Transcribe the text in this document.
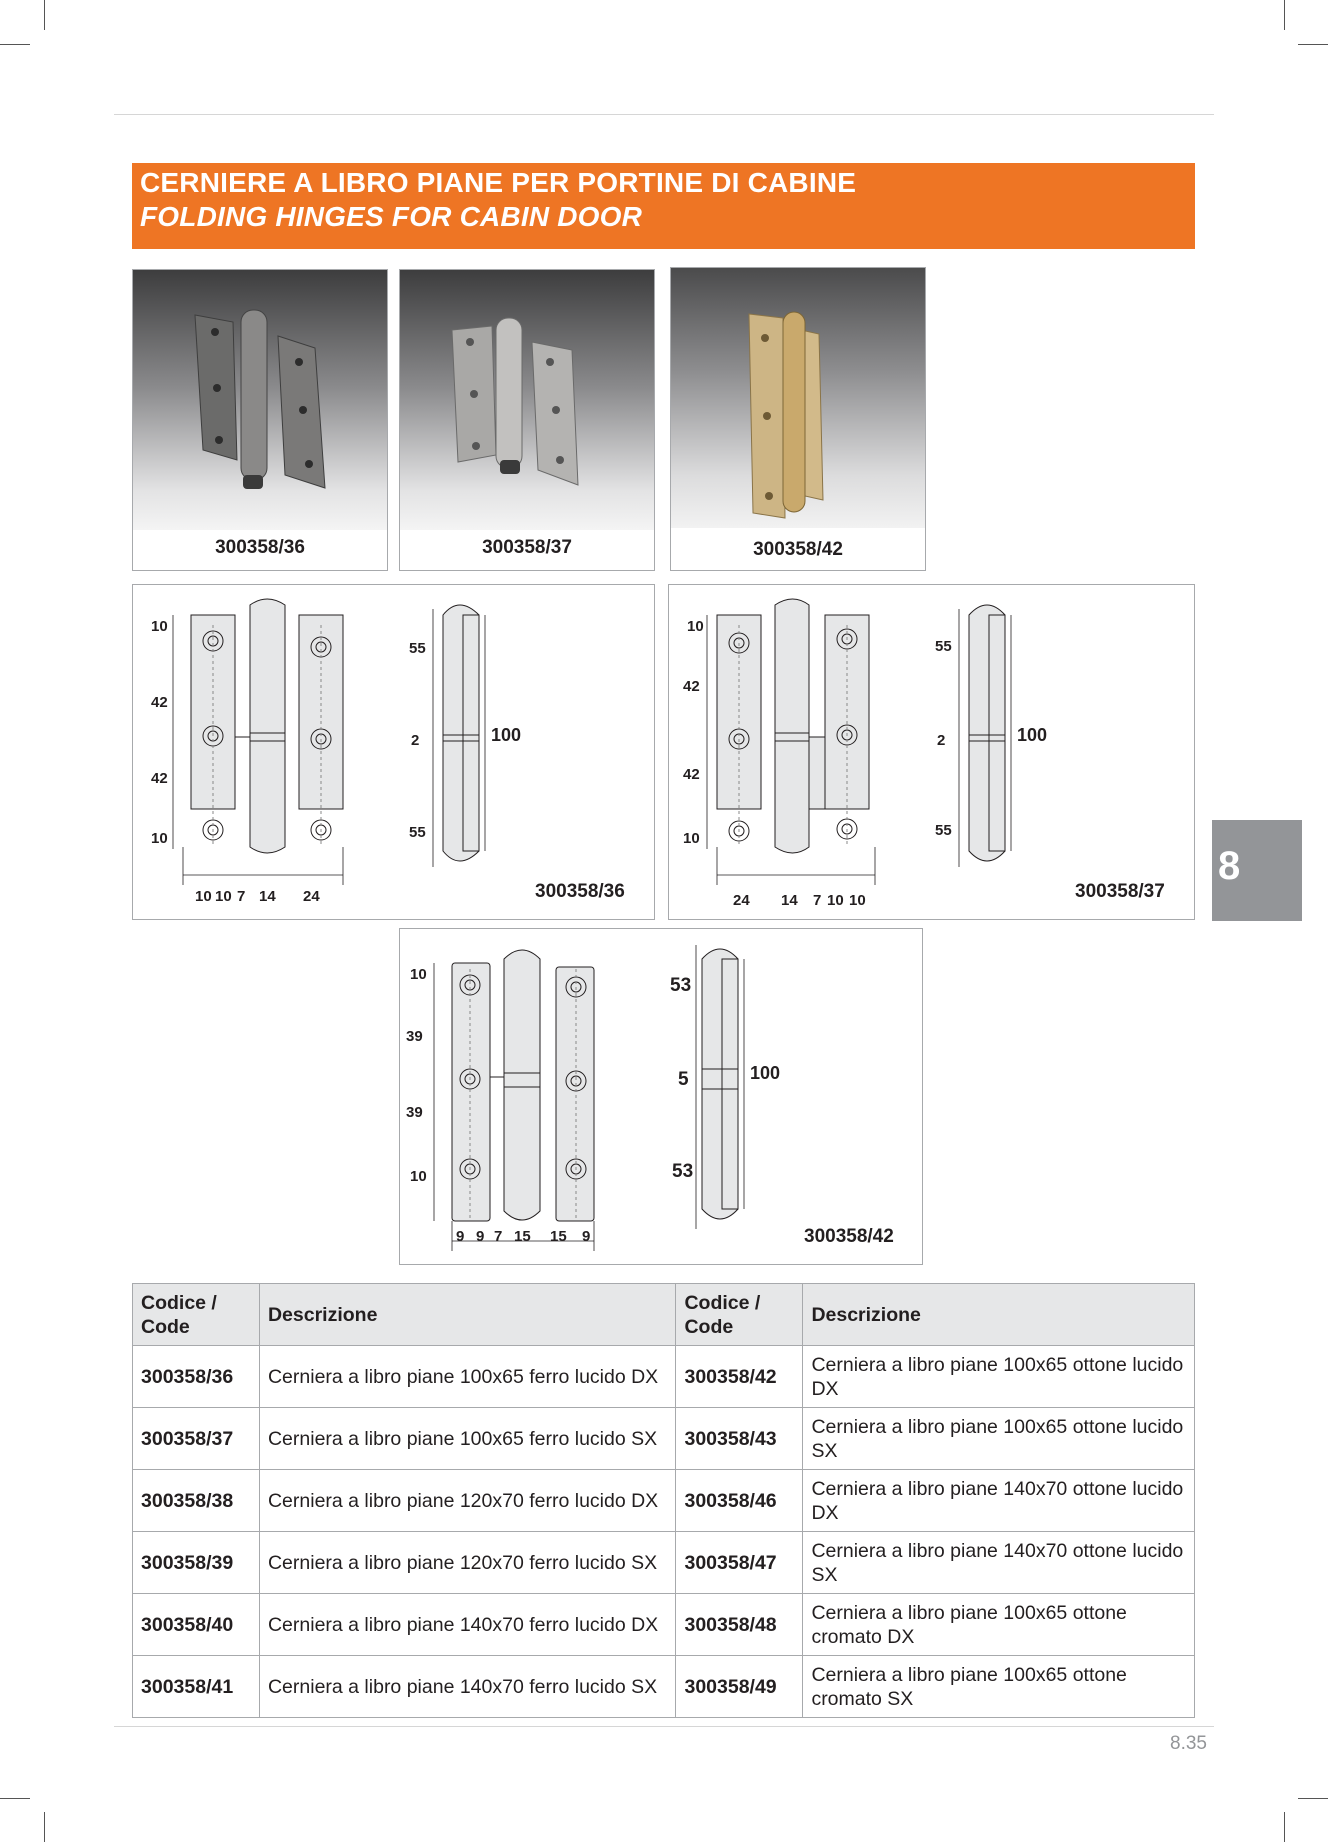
CERNIERE A LIBRO PIANE PER PORTINE DI CABINE
FOLDING HINGES FOR CABIN DOOR
300358/36	300358/37	300358/42
10
42
42
10
10 10 7 14 24
55
2
55
100
300358/36
10
42
42
10
24 14 7 10 10
55
2
55
100
300358/37
10
39
39
10
9 9 7 15 15 9
53
5
53
100
300358/42
8
Codice / Code	Descrizione	Codice / Code	Descrizione
300358/36	Cerniera a libro piane 100x65 ferro lucido DX	300358/42	Cerniera a libro piane 100x65 ottone lucido DX
300358/37	Cerniera a libro piane 100x65 ferro lucido SX	300358/43	Cerniera a libro piane 100x65 ottone lucido SX
300358/38	Cerniera a libro piane 120x70 ferro lucido DX	300358/46	Cerniera a libro piane 140x70 ottone lucido DX
300358/39	Cerniera a libro piane 120x70 ferro lucido SX	300358/47	Cerniera a libro piane 140x70 ottone lucido SX
300358/40	Cerniera a libro piane 140x70 ferro lucido DX	300358/48	Cerniera a libro piane 100x65 ottone cromato DX
300358/41	Cerniera a libro piane 140x70 ferro lucido SX	300358/49	Cerniera a libro piane 100x65 ottone cromato SX
8.35
